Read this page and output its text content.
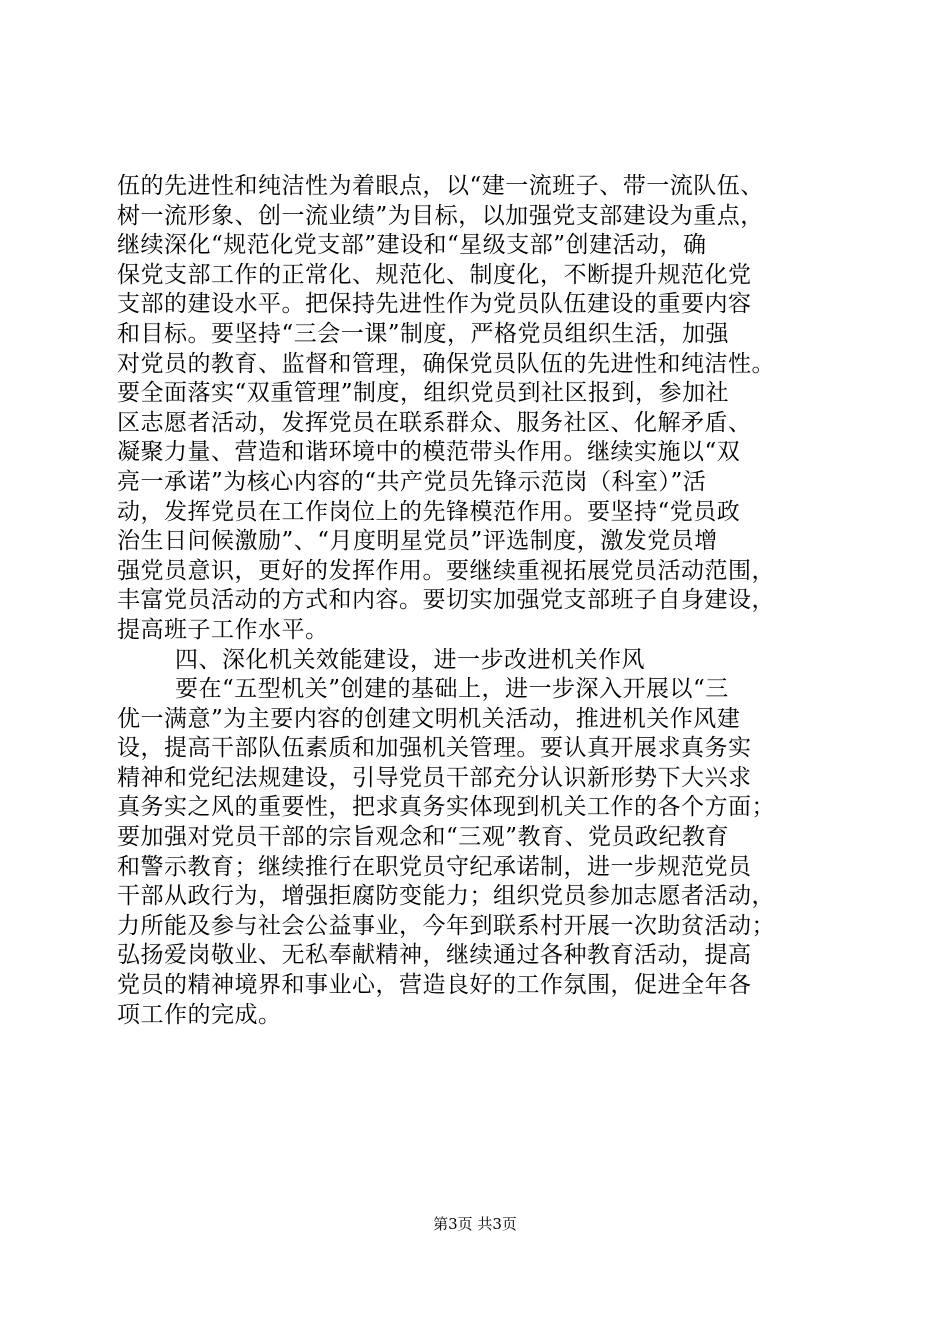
伍的先进性和纯洁性为着眼点，以“建一流班子、带一流队伍、
树一流形象、创一流业绩”为目标，以加强党支部建设为重点，
继续深化“规范化党支部”建设和“星级支部”创建活动，确
保党支部工作的正常化、规范化、制度化，不断提升规范化党
支部的建设水平。把保持先进性作为党员队伍建设的重要内容
和目标。要坚持“三会一课”制度，严格党员组织生活，加强
对党员的教育、监督和管理，确保党员队伍的先进性和纯洁性。
要全面落实“双重管理”制度，组织党员到社区报到，参加社
区志愿者活动，发挥党员在联系群众、服务社区、化解矛盾、
凝聚力量、营造和谐环境中的模范带头作用。继续实施以“双
亮一承诺”为核心内容的“共产党员先锋示范岗（科室）”活
动，发挥党员在工作岗位上的先锋模范作用。要坚持“党员政
治生日问候激励”、“月度明星党员”评选制度，激发党员增
强党员意识，更好的发挥作用。要继续重视拓展党员活动范围，
丰富党员活动的方式和内容。要切实加强党支部班子自身建设，
提高班子工作水平。
四、深化机关效能建设，进一步改进机关作风
要在“五型机关”创建的基础上，进一步深入开展以“三
优一满意”为主要内容的创建文明机关活动，推进机关作风建
设，提高干部队伍素质和加强机关管理。要认真开展求真务实
精神和党纪法规建设，引导党员干部充分认识新形势下大兴求
真务实之风的重要性，把求真务实体现到机关工作的各个方面；
要加强对党员干部的宗旨观念和“三观”教育、党员政纪教育
和警示教育；继续推行在职党员守纪承诺制，进一步规范党员
干部从政行为，增强拒腐防变能力；组织党员参加志愿者活动，
力所能及参与社会公益事业，今年到联系村开展一次助贫活动；
弘扬爱岗敬业、无私奉献精神，继续通过各种教育活动，提高
党员的精神境界和事业心，营造良好的工作氛围，促进全年各
项工作的完成。
第3页 共3页
